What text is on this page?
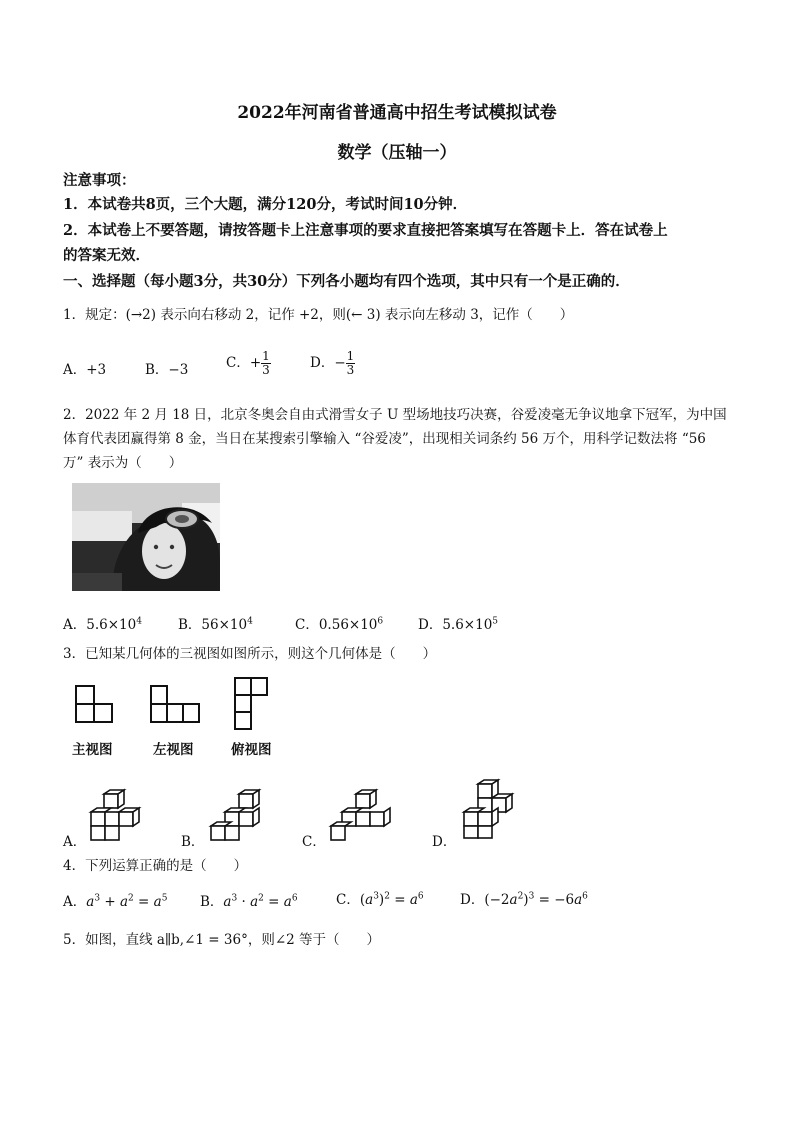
2022年河南省普通高中招生考试模拟试卷
数学（压轴一）
注意事项：
1．本试卷共8页，三个大题，满分120分，考试时间10分钟．
2．本试卷上不要答题，请按答题卡上注意事项的要求直接把答案填写在答题卡上．答在试卷上
的答案无效．
一、选择题（每小题3分，共30分）下列各小题均有四个选项，其中只有一个是正确的．
1．规定：(→2) 表示向右移动 2，记作 +2，则(← 3) 表示向左移动 3，记作（　　）
A．+3	B．−3	C．+ $\frac{1}{3}$	D．− $\frac{1}{3}$
2．2022 年 2 月 18 日，北京冬奥会自由式滑雪女子 U 型场地技巧决赛，谷爱凌毫无争议地拿下冠军，为中国
体育代表团赢得第 8 金，当日在某搜索引擎输入 “谷爱凌”，出现相关词条约 56 万个，用科学记数法将 “56
万” 表示为（　　）
A．$5.6\times 10^4$	B．$56\times 10^4$	C．$0.56\times 10^6$	D．$5.6\times 10^5$
3．已知某几何体的三视图如图所示，则这个几何体是（　　）
主视图	左视图	俯视图
A．	B．	C．	D．
4．下列运算正确的是（　　）
A．$a^3 + a^2 = a^5$ B．$a^3 \cdot a^2 = a^6$	C．$(a^3)^2 = a^6$	D．$(-2a^2)^3 = -6a^6$
5．如图，直线 a∥b,∠1 = 36°，则∠2 等于（　　）
